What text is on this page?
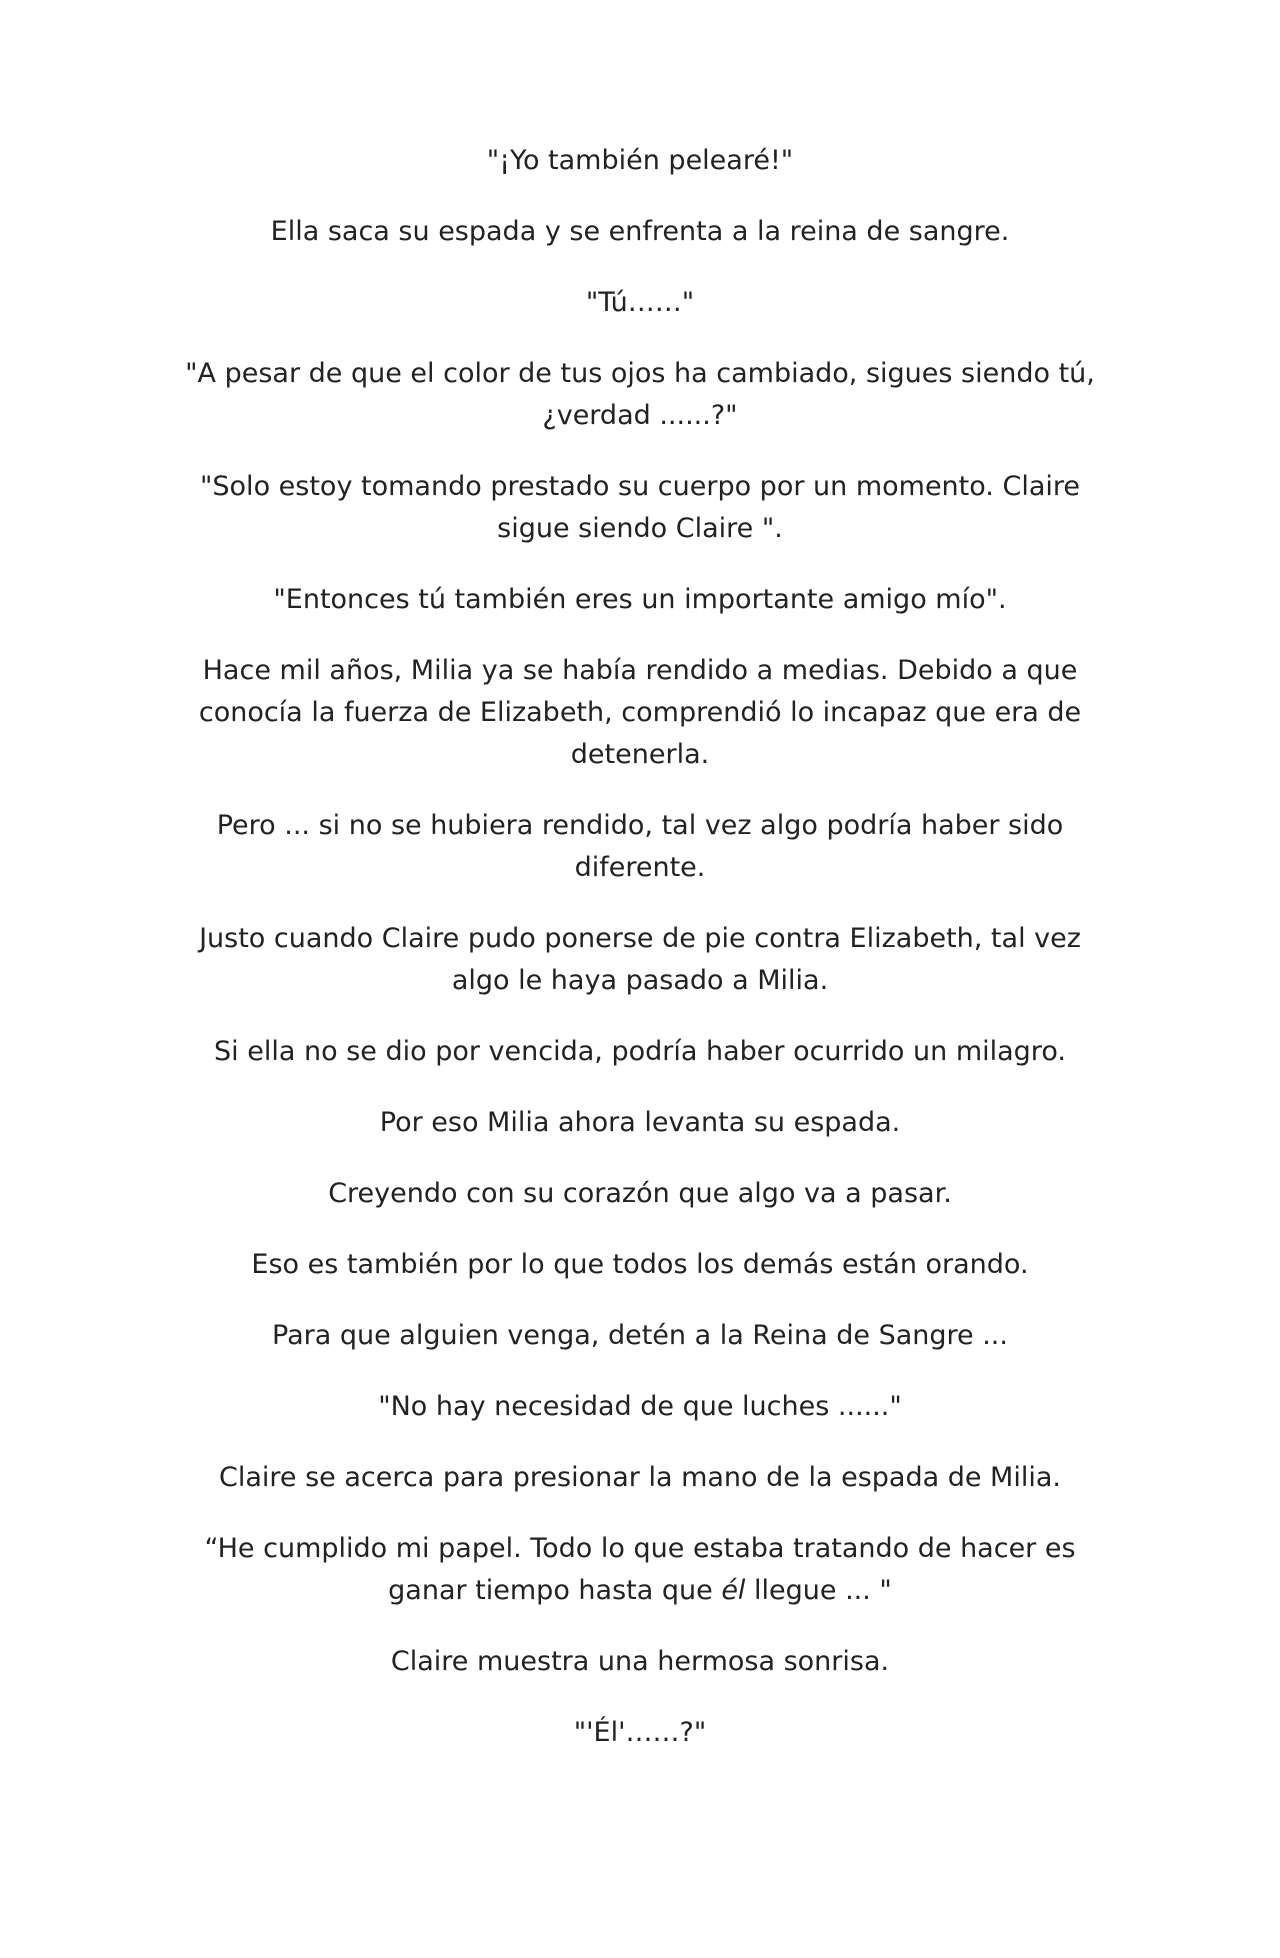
"¡Yo también pelearé!"

Ella saca su espada y se enfrenta a la reina de sangre.

"Tú……"

"A pesar de que el color de tus ojos ha cambiado, sigues siendo tú, ¿verdad ......?"

"Solo estoy tomando prestado su cuerpo por un momento. Claire sigue siendo Claire ".

"Entonces tú también eres un importante amigo mío".

Hace mil años, Milia ya se había rendido a medias. Debido a que conocía la fuerza de Elizabeth, comprendió lo incapaz que era de detenerla.

Pero ... si no se hubiera rendido, tal vez algo podría haber sido diferente.

Justo cuando Claire pudo ponerse de pie contra Elizabeth, tal vez algo le haya pasado a Milia.

Si ella no se dio por vencida, podría haber ocurrido un milagro.

Por eso Milia ahora levanta su espada.

Creyendo con su corazón que algo va a pasar.

Eso es también por lo que todos los demás están orando.

Para que alguien venga, detén a la Reina de Sangre ...

"No hay necesidad de que luches ......"

Claire se acerca para presionar la mano de la espada de Milia.

“He cumplido mi papel. Todo lo que estaba tratando de hacer es ganar tiempo hasta que él llegue ... "

Claire muestra una hermosa sonrisa.

"'Él'……?"
